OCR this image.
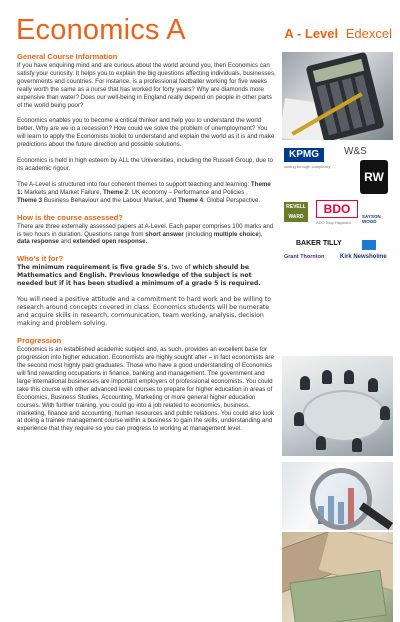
Economics A	A - Level Edexcel
General Course Information

If you have enquiring mind and are curious about the world around you, then Economics can satisfy your curiosity. It helps you to explain the big questions affecting individuals, businesses, governments and countries. For instance, is a professional footballer working for five weeks really worth the same as a nurse that has worked for forty years? Why are diamonds more expensive than water? Does our well-being in England really depend on people in other parts of the world being poor?

Economics enables you to become a critical thinker and help you to understand the world better. Why are we in a recession? How could we solve the problem of unemployment? You will learn to apply the Economists toolkit to understand and explain the world as it is and make predictions about the future direction and possible solutions.

Economics is held in high esteem by ALL the Universities, including the Russell Group, due to its academic rigour.

The A-Level is structured into four coherent themes to support teaching and learning: Theme 1: Markets and Market Failure, Theme 2: UK economy – Performance and Policies ,
Theme 3 Business Behaviour and the Labour Market, and Theme 4: Global Perspective.

How is the course assessed?

There are three externally assessed papers at A-Level. Each paper comprises 100 marks and is two hours in duration. Questions range from short answer (including multiple choice), data response and extended open response.

Who's it for?

The minimum requirement is five grade 5's, two of which should be Mathematics and English. Previous knowledge of the subject is not needed but if it has been studied a minimum of a grade 5 is required.

You will need a positive attitude and a commitment to hard work and be willing to research around concepts covered in class. Economics students will be numerate and acquire skills in research, communication, team working, analysis, decision making and problem solving.

Progression

Economics is an established academic subject and, as such, provides an excellent base for progression into higher education. Economists are highly sought after – in fact economists are the second most highly paid graduates. Those who have a good understanding of Economics will find rewarding occupations in finance, banking and management. The government and large international businesses are important employers of professional economists. You could take this course with other advanced level courses to prepare for higher education in areas of Economics, Business Studies, Accounting, Marketing or more general higher education courses. With further training, you could go into a job related to economics, business, marketing, finance and accounting, human resources and public relations. You could also look at doing a trainee management course within a business to gain the skills, understanding and experience that they require so you can progress to working at management level.

KPMG
cutting through complexity
W&S
RW
REVELL WARD
BDO
BDO Stoy Hayward
SAYSON WOOD
BAKER TILLY
Grant Thornton	Kirk Newsholme
